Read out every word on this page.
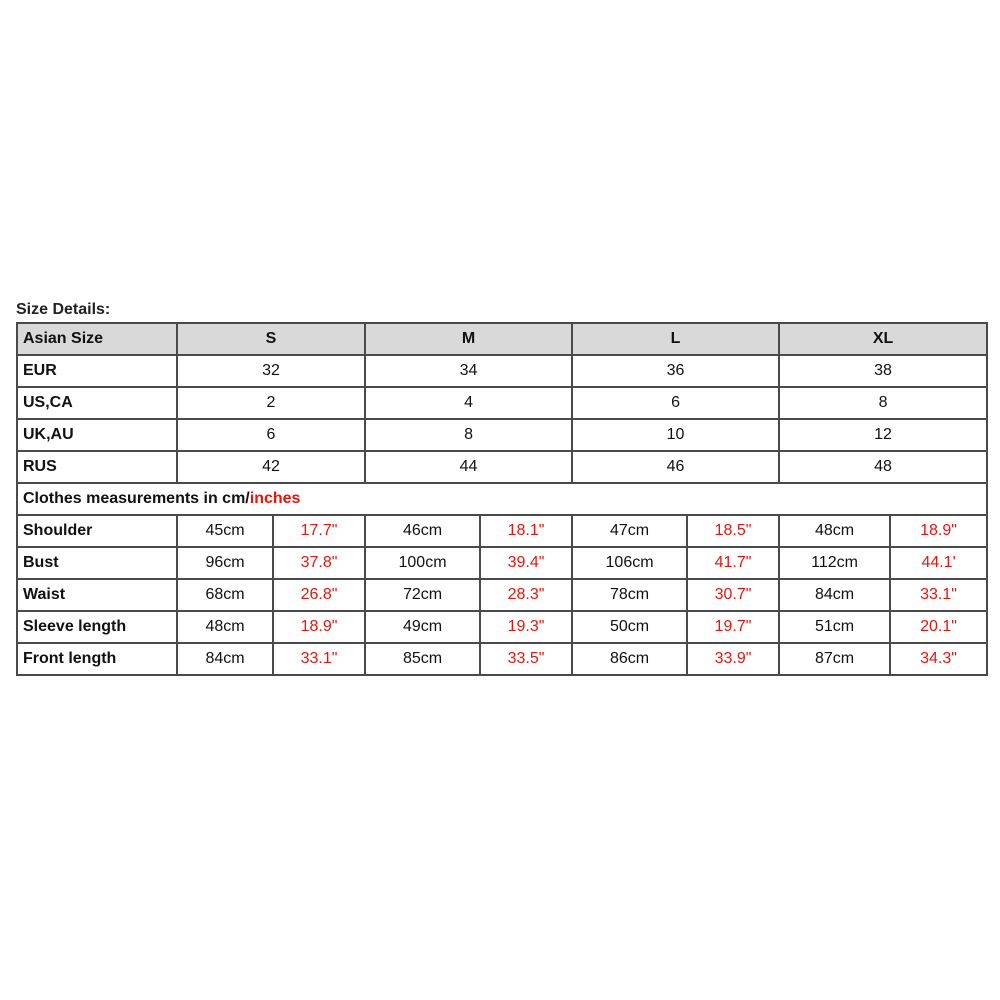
Size Details:
Asian Size	S		M		L		XL	
EUR	32		34		36		38	
US,CA	2		4		6		8	
UK,AU	6		8		10		12	
RUS	42		44		46		48	
Clothes measurements in cm/inches								
Shoulder	45cm	17.7"	46cm	18.1"	47cm	18.5"	48cm	18.9"
Bust	96cm	37.8"	100cm	39.4"	106cm	41.7"	112cm	44.1'
Waist	68cm	26.8"	72cm	28.3"	78cm	30.7"	84cm	33.1"
Sleeve length	48cm	18.9"	49cm	19.3"	50cm	19.7"	51cm	20.1"
Front length	84cm	33.1"	85cm	33.5"	86cm	33.9"	87cm	34.3"
